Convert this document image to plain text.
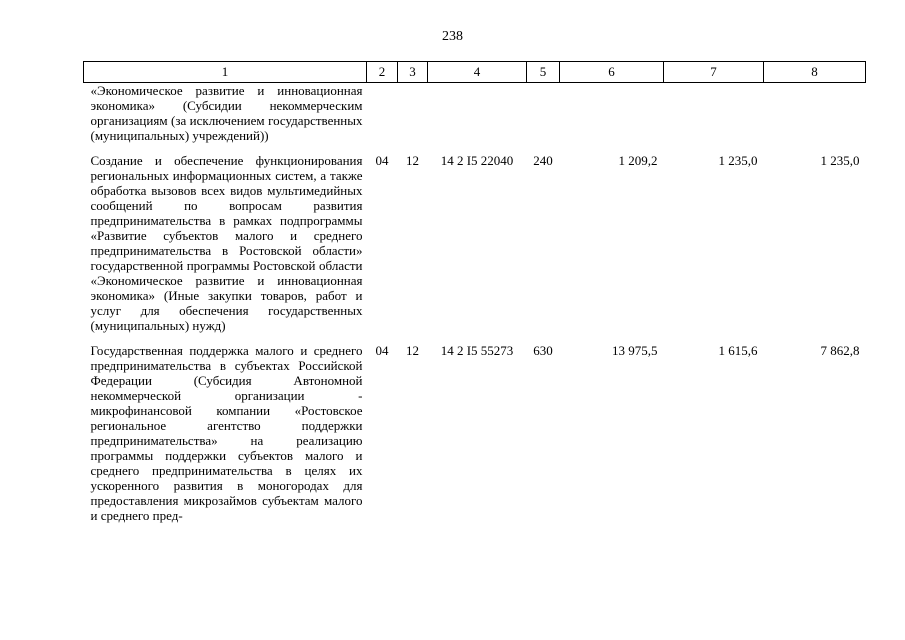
238
1	2	3	4	5	6	7	8
«Экономическое развитие и инновационная экономика» (Субсидии некоммерческим организациям (за исключением государственных (муниципальных) учреждений))							
Создание и обеспечение функционирования региональных информационных систем, а также обработка вызовов всех видов мультимедийных сообщений по вопросам развития предпринимательства в рамках подпрограммы «Развитие субъектов малого и среднего предпринимательства в Ростовской области» государственной программы Ростовской области «Экономическое развитие и инновационная экономика» (Иные закупки товаров, работ и услуг для обеспечения государственных (муниципальных) нужд)	04	12	14 2 I5 22040	240	1 209,2	1 235,0	1 235,0
Государственная поддержка малого и среднего предпринимательства в субъектах Российской Федерации (Субсидия Автономной некоммерческой организации - микрофинансовой компании «Ростовское региональное агентство поддержки предпринимательства» на реализацию программы поддержки субъектов малого и среднего предпринимательства в целях их ускоренного развития в моногородах для предоставления микрозаймов субъектам малого и среднего пред-	04	12	14 2 I5 55273	630	13 975,5	1 615,6	7 862,8
